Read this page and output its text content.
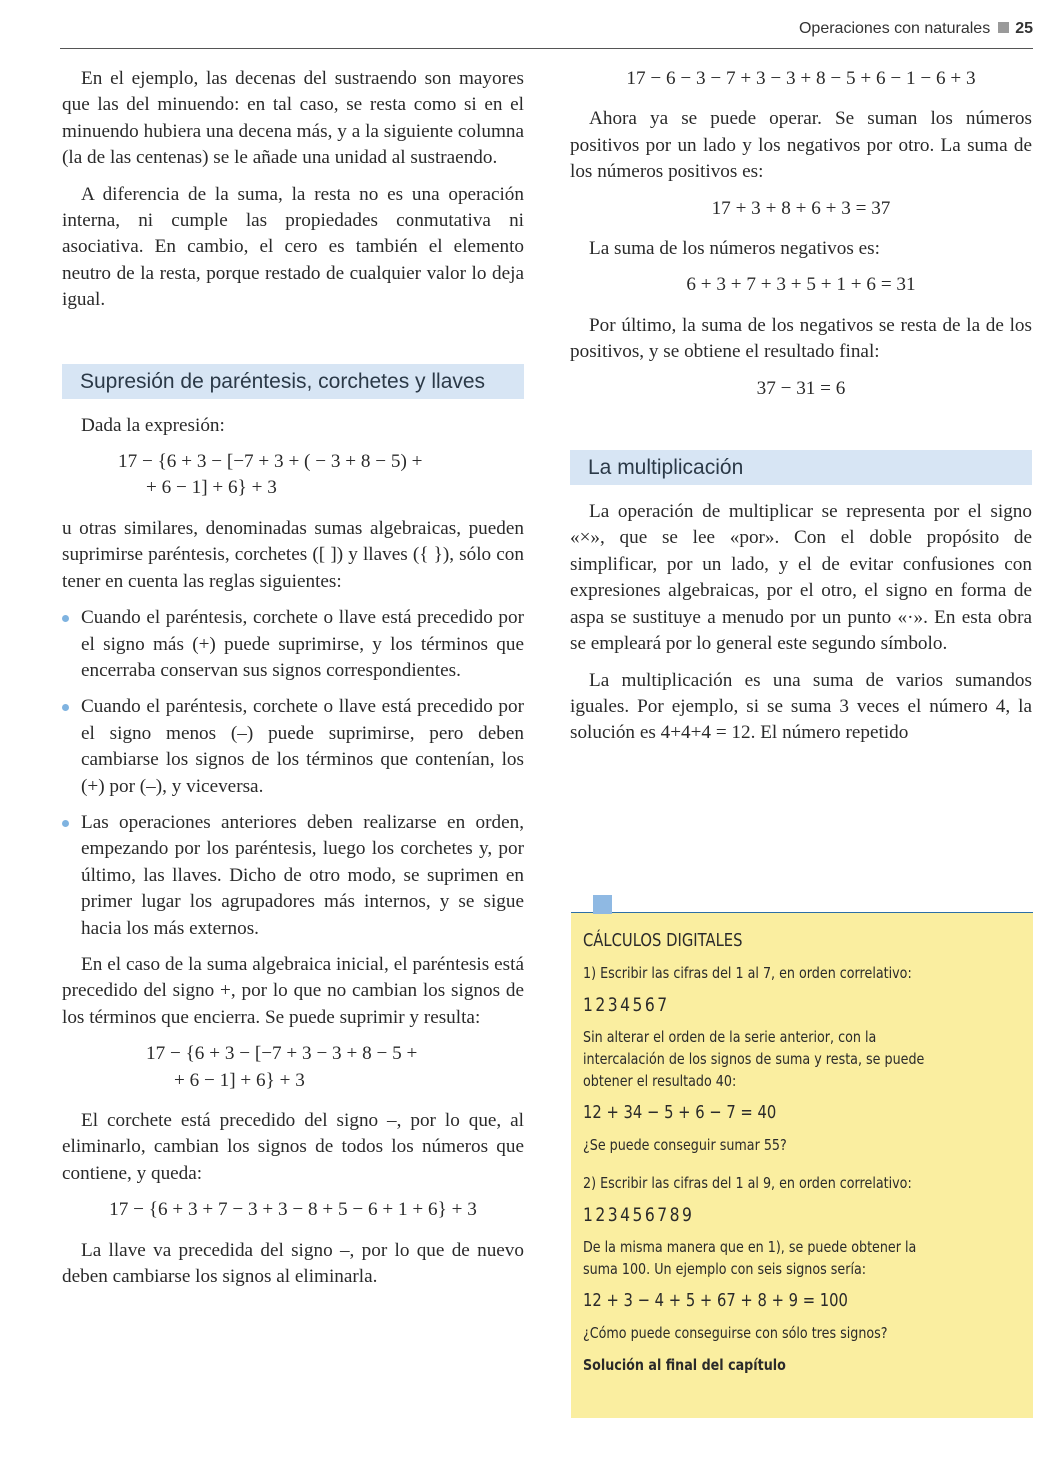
Operaciones con naturales 25

En el ejemplo, las decenas del sustraendo son mayores que las del minuendo: en tal caso, se resta como si en el minuendo hubiera una decena más, y a la siguiente columna (la de las centenas) se le añade una unidad al sustraendo.

A diferencia de la suma, la resta no es una operación interna, ni cumple las propiedades conmutativa ni asociativa. En cambio, el cero es también el elemento neutro de la resta, porque restado de cualquier valor lo deja igual.

Supresión de paréntesis, corchetes y llaves

Dada la expresión:

17 − {6 + 3 − [−7 + 3 + ( − 3 + 8 − 5) +
+ 6 − 1] + 6} + 3

u otras similares, denominadas sumas algebraicas, pueden suprimirse paréntesis, corchetes ([ ]) y llaves ({ }), sólo con tener en cuenta las reglas siguientes:

Cuando el paréntesis, corchete o llave está precedido por el signo más (+) puede suprimirse, y los términos que encerraba conservan sus signos correspondientes.
Cuando el paréntesis, corchete o llave está precedido por el signo menos (–) puede suprimirse, pero deben cambiarse los signos de los términos que contenían, los (+) por (–), y viceversa.
Las operaciones anteriores deben realizarse en orden, empezando por los paréntesis, luego los corchetes y, por último, las llaves. Dicho de otro modo, se suprimen en primer lugar los agrupadores más internos, y se sigue hacia los más externos.

En el caso de la suma algebraica inicial, el paréntesis está precedido del signo +, por lo que no cambian los signos de los términos que encierra. Se puede suprimir y resulta:

17 − {6 + 3 − [−7 + 3 − 3 + 8 − 5 +
+ 6 − 1] + 6} + 3

El corchete está precedido del signo –, por lo que, al eliminarlo, cambian los signos de todos los números que contiene, y queda:

17 − {6 + 3 + 7 − 3 + 3 − 8 + 5 − 6 + 1 + 6} + 3

La llave va precedida del signo –, por lo que de nuevo deben cambiarse los signos al eliminarla.

17 − 6 − 3 − 7 + 3 − 3 + 8 − 5 + 6 − 1 − 6 + 3

Ahora ya se puede operar. Se suman los números positivos por un lado y los negativos por otro. La suma de los números positivos es:

17 + 3 + 8 + 6 + 3 = 37

La suma de los números negativos es:

6 + 3 + 7 + 3 + 5 + 1 + 6 = 31

Por último, la suma de los negativos se resta de la de los positivos, y se obtiene el resultado final:

37 − 31 = 6
La multiplicación

La operación de multiplicar se representa por el signo «×», que se lee «por». Con el doble propósito de simplificar, por un lado, y el de evitar confusiones con expresiones algebraicas, por el otro, el signo en forma de aspa se sustituye a menudo por un punto «·». En esta obra se empleará por lo general este segundo símbolo.

La multiplicación es una suma de varios sumandos iguales. Por ejemplo, si se suma 3 veces el número 4, la solución es 4+4+4 = 12. El número repetido

CÁLCULOS DIGITALES
1) Escribir las cifras del 1 al 7, en orden correlativo:
1234567
Sin alterar el orden de la serie anterior, con la intercalación de los signos de suma y resta, se puede obtener el resultado 40:
12 + 34 − 5 + 6 − 7 = 40
¿Se puede conseguir sumar 55?
2) Escribir las cifras del 1 al 9, en orden correlativo:
123456789
De la misma manera que en 1), se puede obtener la suma 100. Un ejemplo con seis signos sería:
12 + 3 − 4 + 5 + 67 + 8 + 9 = 100
¿Cómo puede conseguirse con sólo tres signos?
Solución al final del capítulo
